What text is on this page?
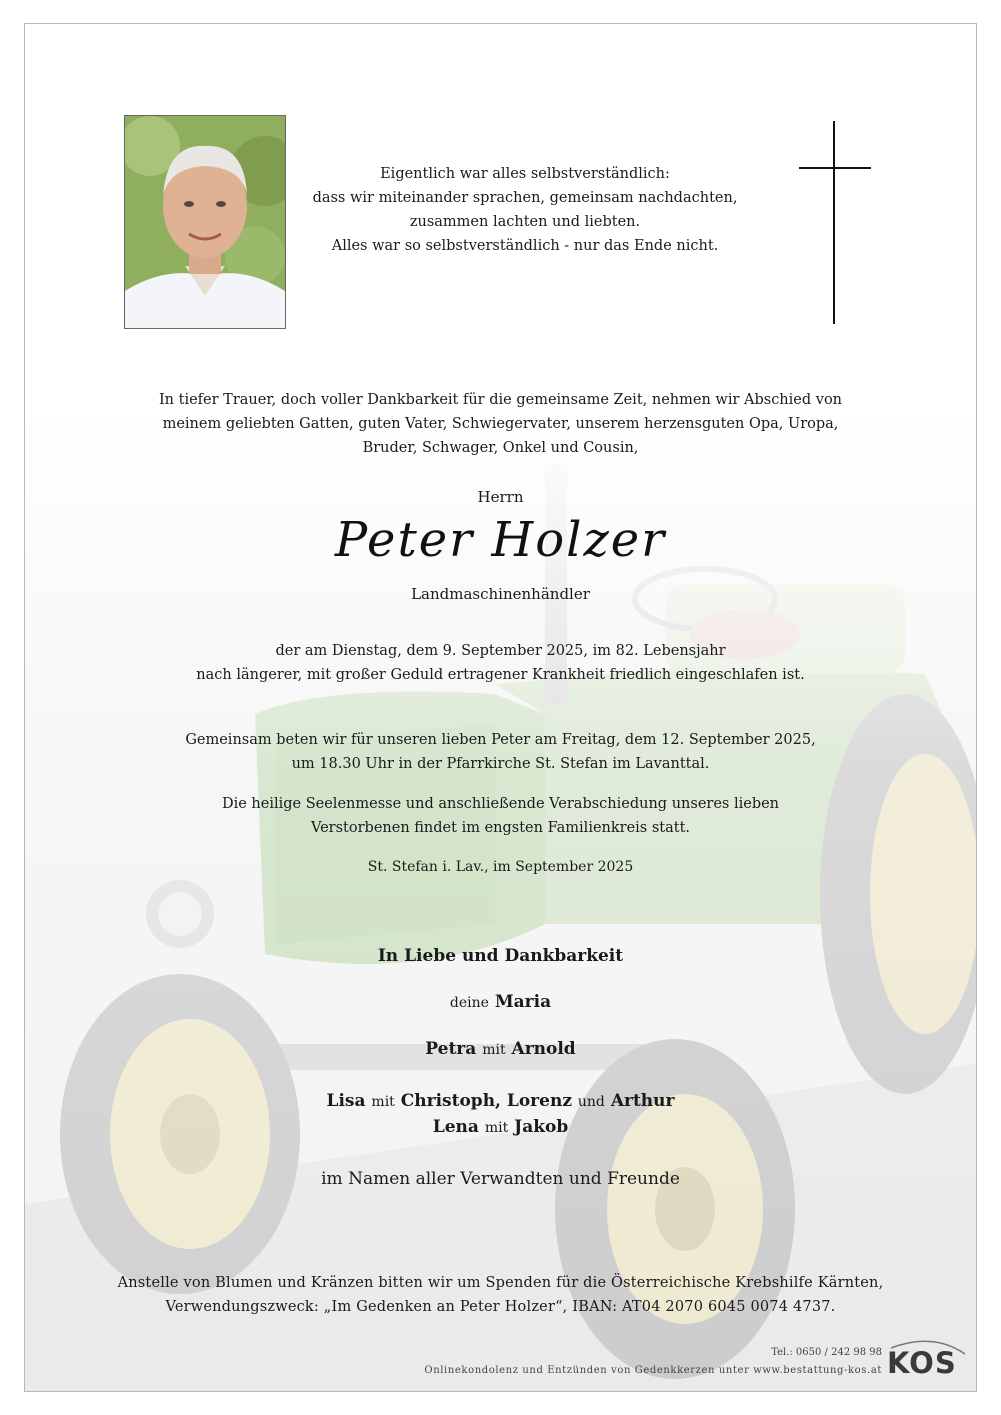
Eigentlich war alles selbstverständlich:
dass wir miteinander sprachen, gemeinsam nachdachten,
zusammen lachten und liebten.
Alles war so selbstverständlich - nur das Ende nicht.
In tiefer Trauer, doch voller Dankbarkeit für die gemeinsame Zeit, nehmen wir Abschied von
meinem geliebten Gatten, guten Vater, Schwiegervater, unserem herzensguten Opa, Uropa,
Bruder, Schwager, Onkel und Cousin,
Herrn
Peter Holzer
Landmaschinenhändler
der am Dienstag, dem 9. September 2025, im 82. Lebensjahr
nach längerer, mit großer Geduld ertragener Krankheit friedlich eingeschlafen ist.
Gemeinsam beten wir für unseren lieben Peter am Freitag, dem 12. September 2025,
um 18.30 Uhr in der Pfarrkirche St. Stefan im Lavanttal.
Die heilige Seelenmesse und anschließende Verabschiedung unseres lieben
Verstorbenen findet im engsten Familienkreis statt.
St. Stefan i. Lav., im September 2025
In Liebe und Dankbarkeit
deine Maria
Petra mit Arnold
Lisa mit Christoph, Lorenz und Arthur
Lena mit Jakob
im Namen aller Verwandten und Freunde
Anstelle von Blumen und Kränzen bitten wir um Spenden für die Österreichische Krebshilfe Kärnten,
Verwendungszweck: „Im Gedenken an Peter Holzer“, IBAN: AT04 2070 6045 0074 4737.
Tel.: 0650 / 242 98 98
Onlinekondolenz und Entzünden von Gedenkkerzen unter www.bestattung-kos.at KOS
